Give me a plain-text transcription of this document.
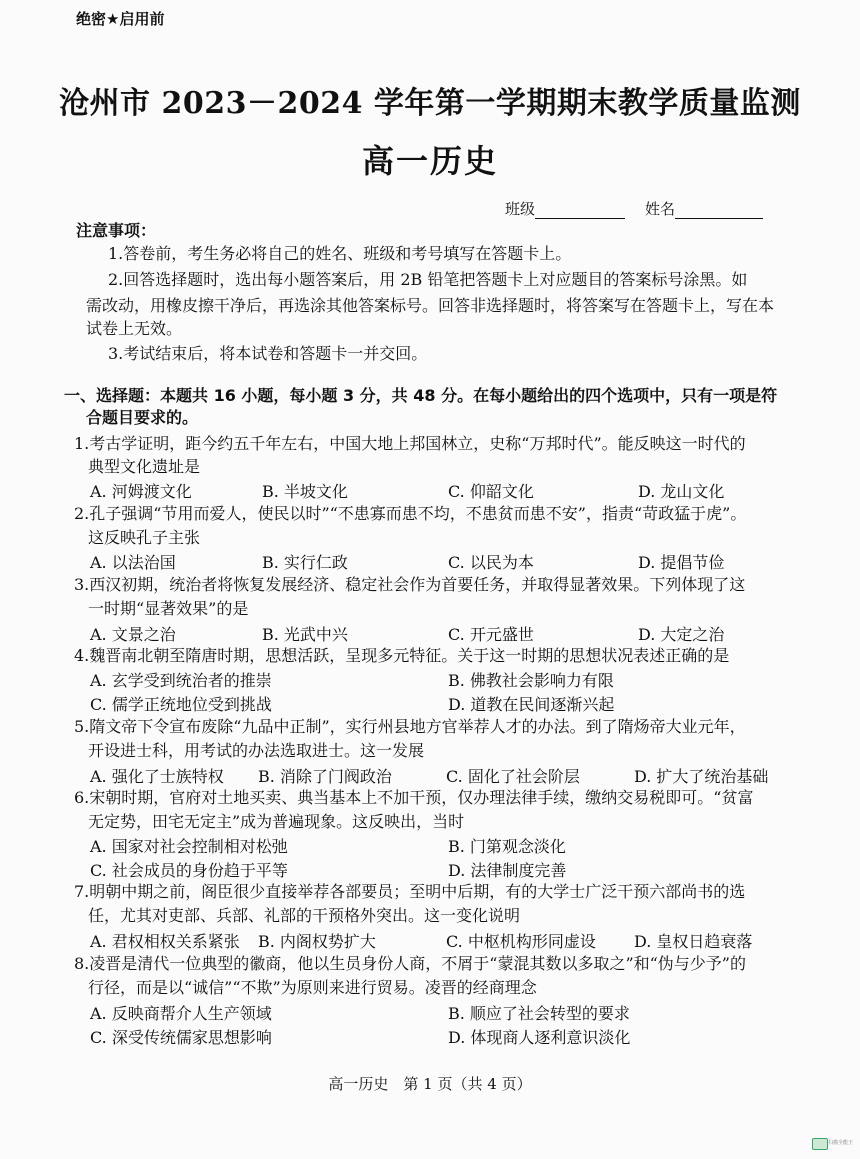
绝密★启用前
沧州市 2023－2024 学年第一学期期末教学质量监测
高一历史
班级	姓名
注意事项：
1.答卷前，考生务必将自己的姓名、班级和考号填写在答题卡上。
2.回答选择题时，选出每小题答案后，用 2B 铅笔把答题卡上对应题目的答案标号涂黑。如
需改动，用橡皮擦干净后，再选涂其他答案标号。回答非选择题时，将答案写在答题卡上，写在本
试卷上无效。
3.考试结束后，将本试卷和答题卡一并交回。
一、选择题：本题共 16 小题，每小题 3 分，共 48 分。在每小题给出的四个选项中，只有一项是符
合题目要求的。
1.考古学证明，距今约五千年左右，中国大地上邦国林立，史称“万邦时代”。能反映这一时代的
典型文化遗址是
A. 河姆渡文化	B. 半坡文化	C. 仰韶文化	D. 龙山文化
2.孔子强调“节用而爱人，使民以时”“不患寡而患不均，不患贫而患不安”，指责“苛政猛于虎”。
这反映孔子主张
A. 以法治国	B. 实行仁政	C. 以民为本	D. 提倡节俭
3.西汉初期，统治者将恢复发展经济、稳定社会作为首要任务，并取得显著效果。下列体现了这
一时期“显著效果”的是
A. 文景之治	B. 光武中兴	C. 开元盛世	D. 大定之治
4.魏晋南北朝至隋唐时期，思想活跃，呈现多元特征。关于这一时期的思想状况表述正确的是
A. 玄学受到统治者的推崇	B. 佛教社会影响力有限
C. 儒学正统地位受到挑战	D. 道教在民间逐渐兴起
5.隋文帝下令宣布废除“九品中正制”，实行州县地方官举荐人才的办法。到了隋炀帝大业元年，
开设进士科，用考试的办法选取进士。这一发展
A. 强化了士族特权 B. 消除了门阀政治	C. 固化了社会阶层	D. 扩大了统治基础
6.宋朝时期，官府对土地买卖、典当基本上不加干预，仅办理法律手续，缴纳交易税即可。“贫富
无定势，田宅无定主”成为普遍现象。这反映出，当时
A. 国家对社会控制相对松弛	B. 门第观念淡化
C. 社会成员的身份趋于平等	D. 法律制度完善
7.明朝中期之前，阁臣很少直接举荐各部要员；至明中后期，有的大学士广泛干预六部尚书的选
任，尤其对吏部、兵部、礼部的干预格外突出。这一变化说明
A. 君权相权关系紧张 B. 内阁权势扩大	C. 中枢机构形同虚设 D. 皇权日趋衰落
8.凌晋是清代一位典型的徽商，他以生员身份人商，不屑于“蒙混其数以多取之”和“伪与少予”的
行径，而是以“诚信”“不欺”为原则来进行贸易。凌晋的经商理念
A. 反映商帮介人生产领域	B. 顺应了社会转型的要求
C. 深受传统儒家思想影响	D. 体现商人逐利意识淡化
高一历史　第 1 页（共 4 页）
扫描全能王
